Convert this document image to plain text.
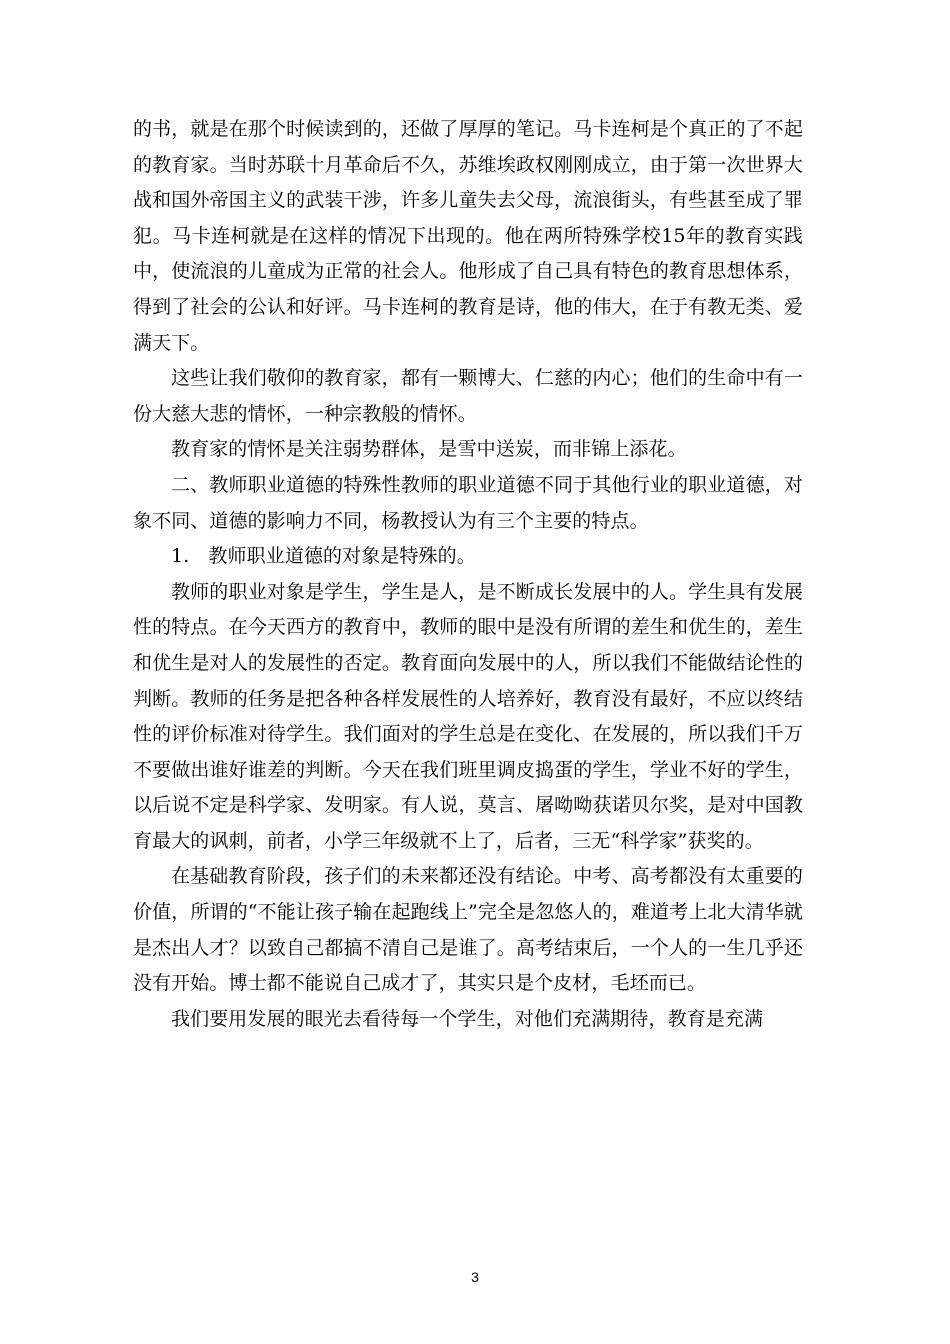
的书，就是在那个时候读到的，还做了厚厚的笔记。马卡连柯是个真正的了不起的教育家。当时苏联十月革命后不久，苏维埃政权刚刚成立，由于第一次世界大战和国外帝国主义的武装干涉，许多儿童失去父母，流浪街头，有些甚至成了罪犯。马卡连柯就是在这样的情况下出现的。他在两所特殊学校15年的教育实践中，使流浪的儿童成为正常的社会人。他形成了自己具有特色的教育思想体系，得到了社会的公认和好评。马卡连柯的教育是诗，他的伟大，在于有教无类、爱满天下。

这些让我们敬仰的教育家，都有一颗博大、仁慈的内心；他们的生命中有一份大慈大悲的情怀，一种宗教般的情怀。

教育家的情怀是关注弱势群体，是雪中送炭，而非锦上添花。

二、教师职业道德的特殊性教师的职业道德不同于其他行业的职业道德，对象不同、道德的影响力不同，杨教授认为有三个主要的特点。

1.　教师职业道德的对象是特殊的。

教师的职业对象是学生，学生是人，是不断成长发展中的人。学生具有发展性的特点。在今天西方的教育中，教师的眼中是没有所谓的差生和优生的，差生和优生是对人的发展性的否定。教育面向发展中的人，所以我们不能做结论性的判断。教师的任务是把各种各样发展性的人培养好，教育没有最好，不应以终结性的评价标准对待学生。我们面对的学生总是在变化、在发展的，所以我们千万不要做出谁好谁差的判断。今天在我们班里调皮捣蛋的学生，学业不好的学生，以后说不定是科学家、发明家。有人说，莫言、屠呦呦获诺贝尔奖，是对中国教育最大的讽刺，前者，小学三年级就不上了，后者，三无“科学家”获奖的。

在基础教育阶段，孩子们的未来都还没有结论。中考、高考都没有太重要的价值，所谓的“不能让孩子输在起跑线上”完全是忽悠人的，难道考上北大清华就是杰出人才？以致自己都搞不清自己是谁了。高考结束后，一个人的一生几乎还没有开始。博士都不能说自己成才了，其实只是个皮材，毛坯而已。

我们要用发展的眼光去看待每一个学生，对他们充满期待，教育是充满

3
